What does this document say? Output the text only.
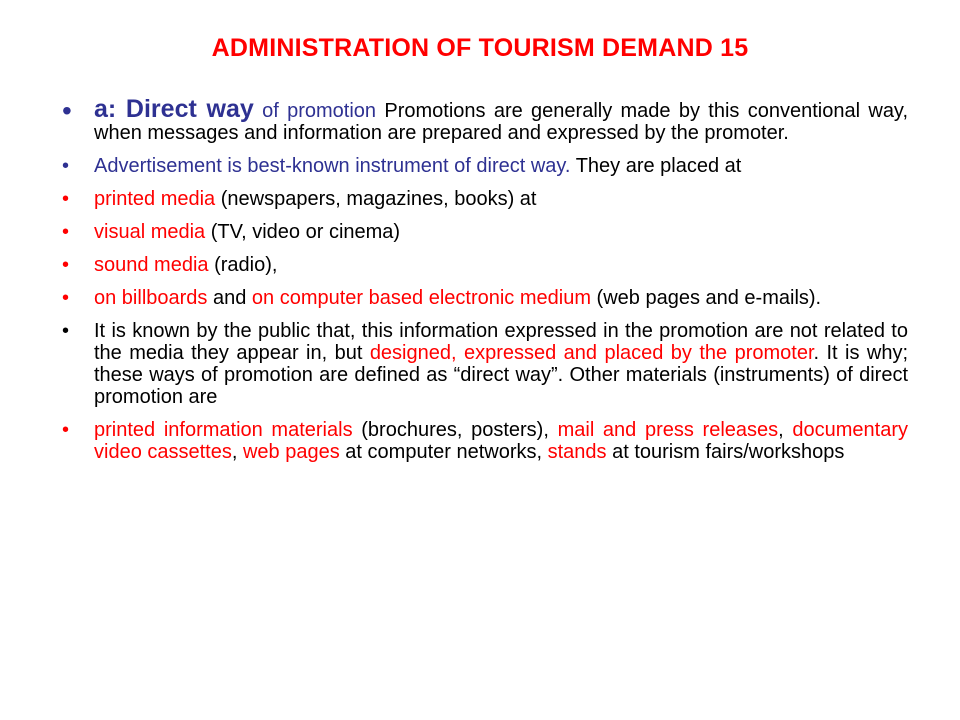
ADMINISTRATION OF TOURISM DEMAND 15
• a: Direct way of promotion Promotions are generally made by this conventional way, when messages and information are prepared and expressed by the promoter.
•	Advertisement is best-known instrument of direct way. They are placed at
•	printed media (newspapers, magazines, books) at
•	visual media (TV, video or cinema)
•	sound media (radio),
•	on billboards and on computer based electronic medium (web pages and e-mails).
•	It is known by the public that, this information expressed in the promotion are not related to the media they appear in, but designed, expressed and placed by the promoter. It is why; these ways of promotion are defined as “direct way”. Other materials (instruments) of direct promotion are
•	printed information materials (brochures, posters), mail and press releases, documentary video cassettes, web pages at computer networks, stands at tourism fairs/workshops
